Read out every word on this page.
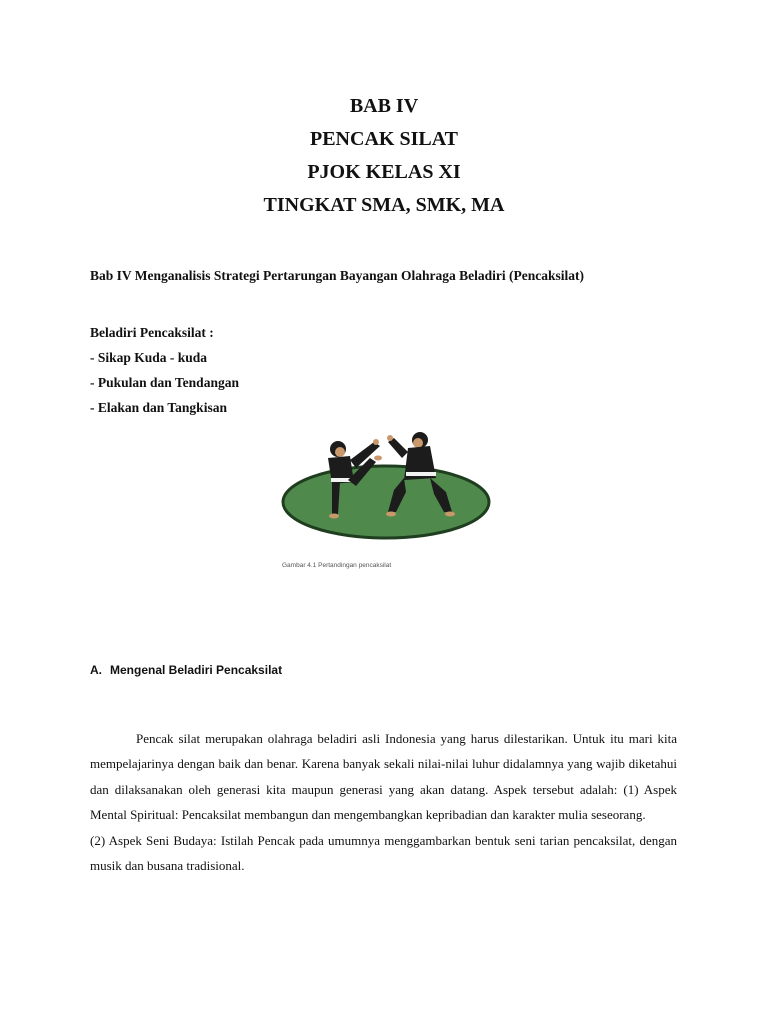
BAB IV

PENCAK SILAT

PJOK KELAS XI

TINGKAT SMA, SMK, MA

Bab IV Menganalisis Strategi Pertarungan Bayangan Olahraga Beladiri (Pencaksilat)

Beladiri Pencaksilat :

- Sikap Kuda - kuda

- Pukulan dan Tendangan

- Elakan dan Tangkisan

Gambar 4.1 Pertandingan pencaksilat

A. Mengenal Beladiri Pencaksilat

Pencak silat merupakan olahraga beladiri asli Indonesia yang harus dilestarikan. Untuk itu mari kita mempelajarinya dengan baik dan benar. Karena banyak sekali nilai-nilai luhur didalamnya yang wajib diketahui dan dilaksanakan oleh generasi kita maupun generasi yang akan datang. Aspek tersebut adalah: (1) Aspek Mental Spiritual: Pencaksilat membangun dan mengembangkan kepribadian dan karakter mulia seseorang.

(2) Aspek Seni Budaya: Istilah Pencak pada umumnya menggambarkan bentuk seni tarian pencaksilat, dengan musik dan busana tradisional.
